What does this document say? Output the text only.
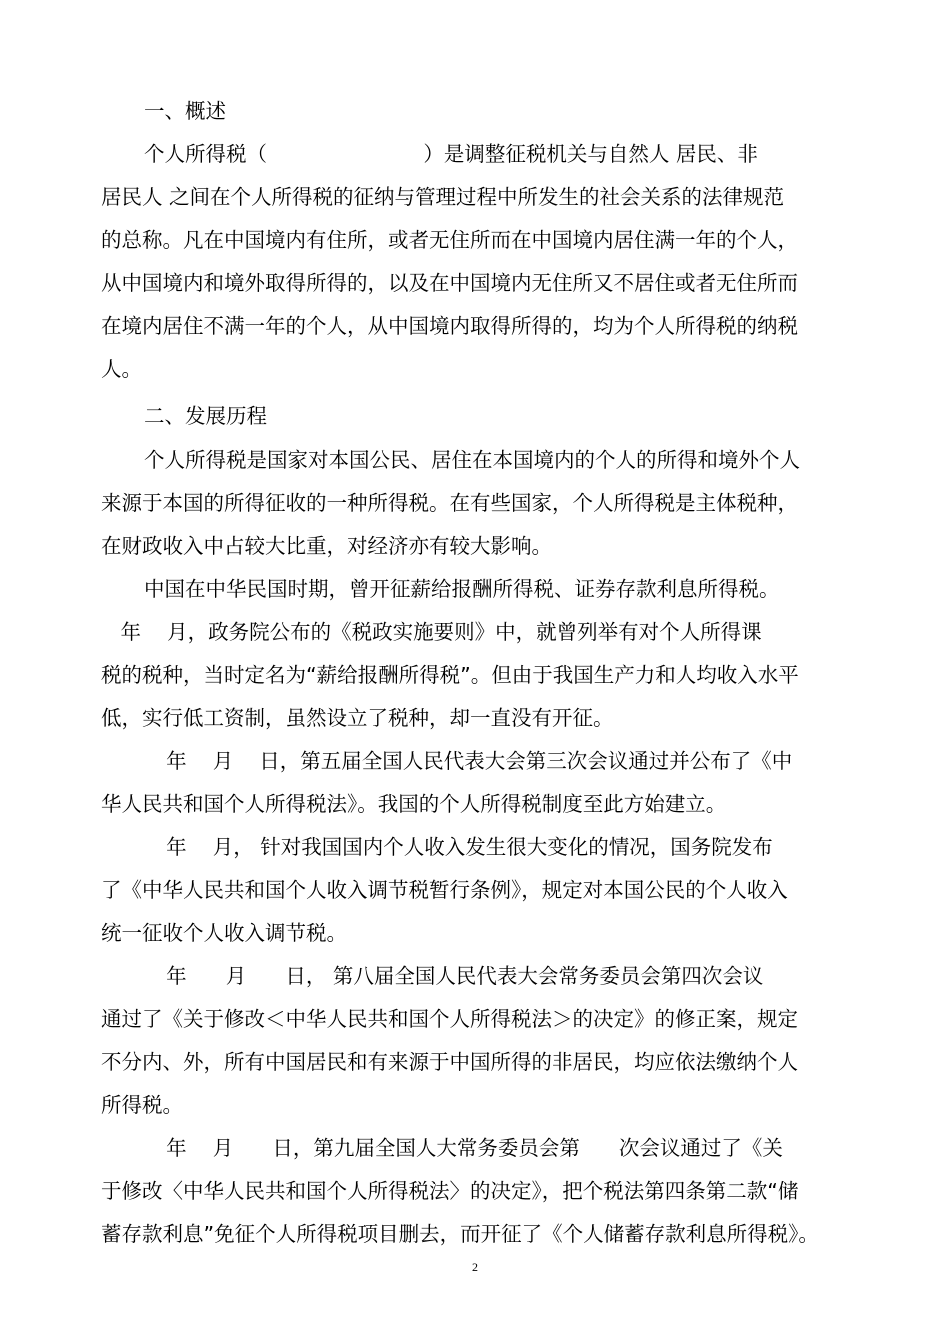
一、概述
个人所得税（                        ）是调整征税机关与自然人 居民、非
居民人 之间在个人所得税的征纳与管理过程中所发生的社会关系的法律规范
的总称。凡在中国境内有住所，或者无住所而在中国境内居住满一年的个人，
从中国境内和境外取得所得的，以及在中国境内无住所又不居住或者无住所而
在境内居住不满一年的个人，从中国境内取得所得的，均为个人所得税的纳税
人。
二、发展历程
个人所得税是国家对本国公民、居住在本国境内的个人的所得和境外个人
来源于本国的所得征收的一种所得税。在有些国家，个人所得税是主体税种，
在财政收入中占较大比重，对经济亦有较大影响。
中国在中华民国时期，曾开征薪给报酬所得税、证券存款利息所得税。
年    月，政务院公布的《税政实施要则》中，就曾列举有对个人所得课
税的税种，当时定名为“薪给报酬所得税”。但由于我国生产力和人均收入水平
低，实行低工资制，虽然设立了税种，却一直没有开征。
年    月    日，第五届全国人民代表大会第三次会议通过并公布了《中
华人民共和国个人所得税法》。我国的个人所得税制度至此方始建立。
年    月， 针对我国国内个人收入发生很大变化的情况，国务院发布
了《中华人民共和国个人收入调节税暂行条例》，规定对本国公民的个人收入
统一征收个人收入调节税。
年      月      日， 第八届全国人民代表大会常务委员会第四次会议
通过了《关于修改＜中华人民共和国个人所得税法＞的决定》的修正案，规定
不分内、外，所有中国居民和有来源于中国所得的非居民，均应依法缴纳个人
所得税。
年    月      日，第九届全国人大常务委员会第      次会议通过了《关
于修改〈中华人民共和国个人所得税法〉的决定》，把个税法第四条第二款“储
蓄存款利息”免征个人所得税项目删去，而开征了《个人储蓄存款利息所得税》。
2
